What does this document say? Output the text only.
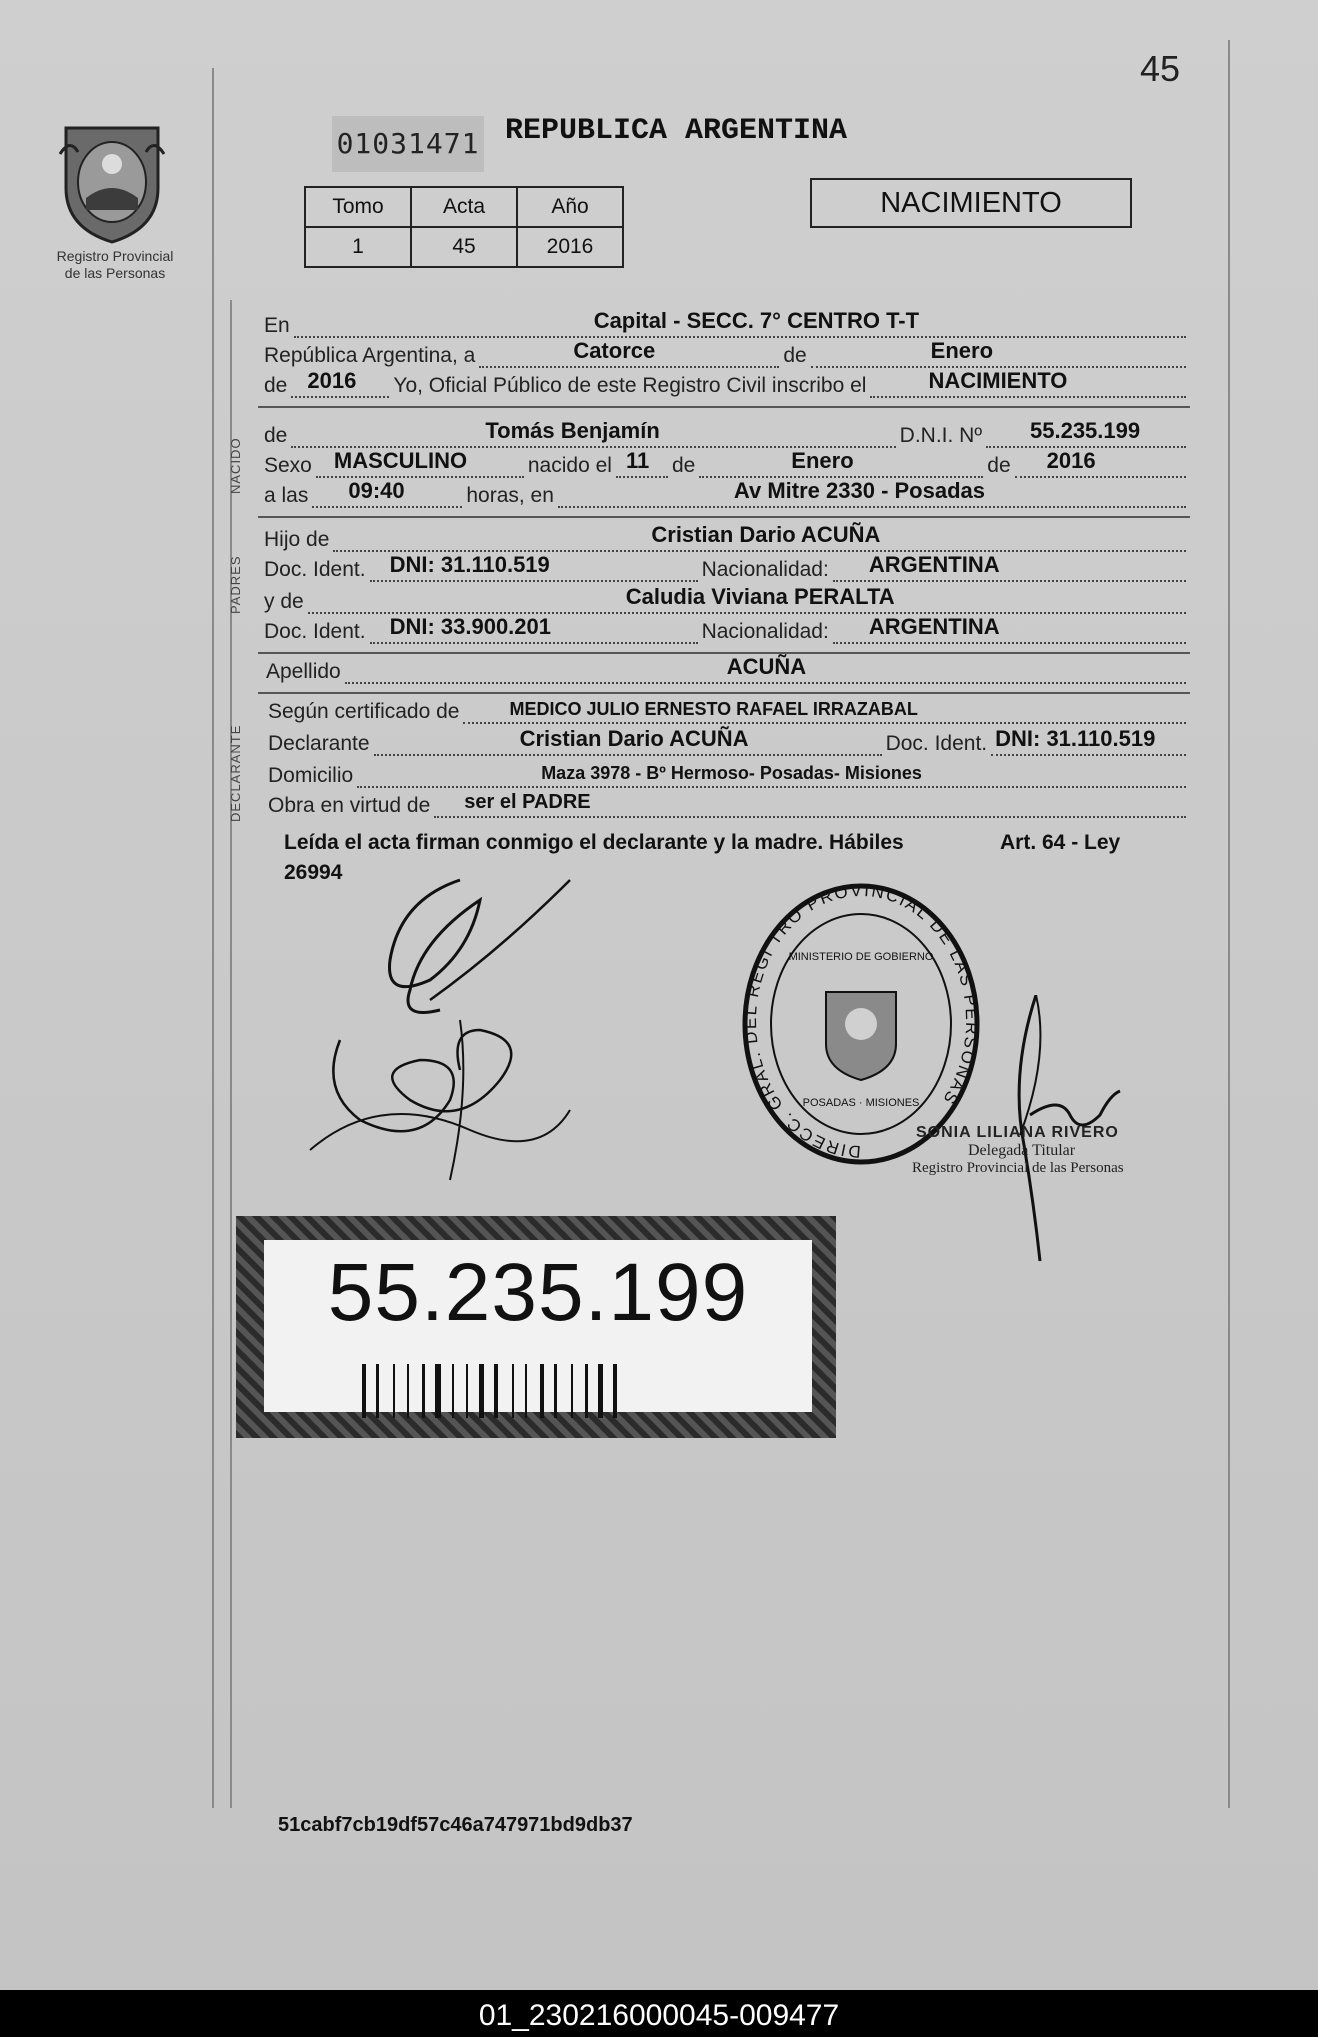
45
Registro Provincial
de las Personas
01031471 REPUBLICA ARGENTINA
Tomo	Acta	Año
1	45	2016
NACIMIENTO
En	Capital - SECC. 7° CENTRO T-T
República Argentina, a	Catorce	de	Enero
de 2016 Yo, Oficial Público de este Registro Civil inscribo el	NACIMIENTO
NACIDO
de	Tomás Benjamín	D.N.I. Nº 55.235.199
Sexo MASCULINO	nacido el 11 de	Enero	de 2016
a las 09:40	horas, en	Av Mitre 2330 - Posadas
PADRES
Hijo de	Cristian Dario ACUÑA
Doc. Ident. DNI: 31.110.519	Nacionalidad: ARGENTINA
y de	Caludia Viviana PERALTA
Doc. Ident. DNI: 33.900.201	Nacionalidad: ARGENTINA
Apellido	ACUÑA
DECLARANTE
Según certificado de	MEDICO JULIO ERNESTO RAFAEL IRRAZABAL
Declarante	Cristian Dario ACUÑA	Doc. Ident. DNI: 31.110.519
Domicilio	Maza 3978 - Bº Hermoso- Posadas- Misiones
Obra en virtud de ser el PADRE
Leída el acta firman conmigo el declarante y la madre. Hábiles	Art. 64 - Ley

26994
DIRECC. GRAL. DEL REGI TRO PROVINCIAL DE LAS PERSONAS
MINISTERIO DE GOBIERNO
POSADAS · MISIONES
SONIA LILIANA RIVERO
Delegada Titular
Registro Provincial de las Personas
55.235.199
51cabf7cb19df57c46a747971bd9db37
01_230216000045-009477
